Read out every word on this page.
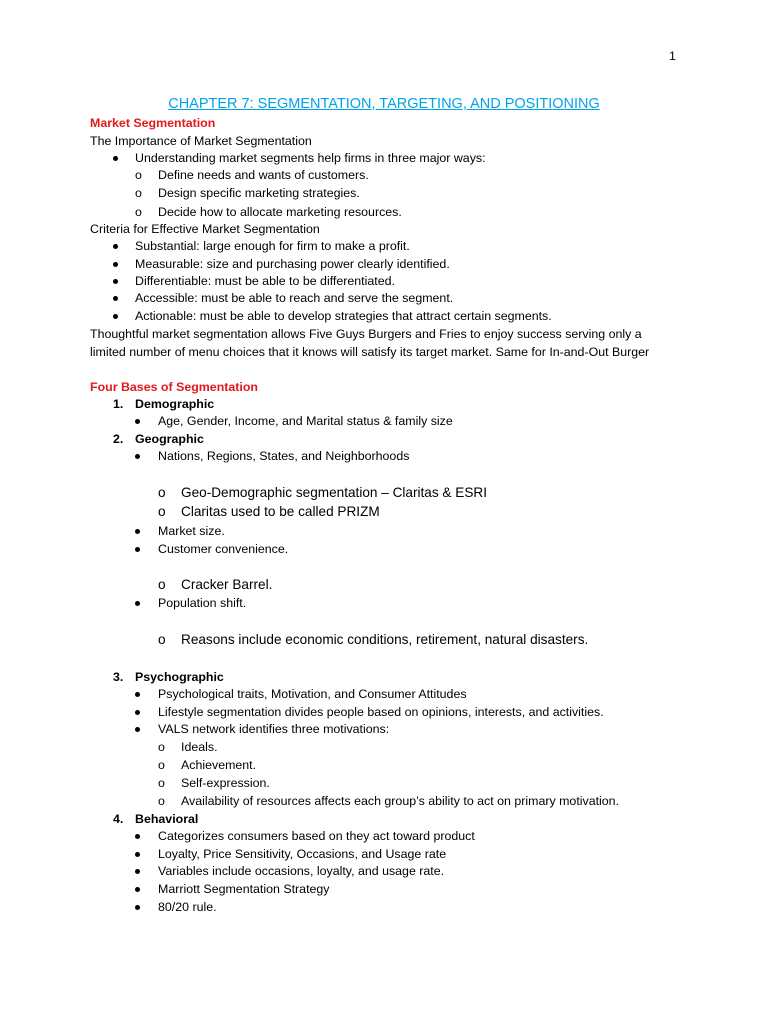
1
CHAPTER 7: SEGMENTATION, TARGETING, AND POSITIONING
Market Segmentation
The Importance of Market Segmentation
Understanding market segments help firms in three major ways:
o Define needs and wants of customers.
o Design specific marketing strategies.
o Decide how to allocate marketing resources.
Criteria for Effective Market Segmentation
Substantial: large enough for firm to make a profit.
Measurable: size and purchasing power clearly identified.
Differentiable: must be able to be differentiated.
Accessible: must be able to reach and serve the segment.
Actionable: must be able to develop strategies that attract certain segments.
Thoughtful market segmentation allows Five Guys Burgers and Fries to enjoy success serving only a
limited number of menu choices that it knows will satisfy its target market. Same for In-and-Out Burger
Four Bases of Segmentation
1. Demographic
Age, Gender, Income, and Marital status & family size
2. Geographic
Nations, Regions, States, and Neighborhoods
o Geo-Demographic segmentation – Claritas & ESRI
o Claritas used to be called PRIZM
Market size.
Customer convenience.
o Cracker Barrel.
Population shift.
o Reasons include economic conditions, retirement, natural disasters.
3. Psychographic
Psychological traits, Motivation, and Consumer Attitudes
Lifestyle segmentation divides people based on opinions, interests, and activities.
VALS network identifies three motivations:
o Ideals.
o Achievement.
o Self-expression.
o Availability of resources affects each group’s ability to act on primary motivation.
4. Behavioral
Categorizes consumers based on they act toward product
Loyalty, Price Sensitivity, Occasions, and Usage rate
Variables include occasions, loyalty, and usage rate.
Marriott Segmentation Strategy
80/20 rule.
